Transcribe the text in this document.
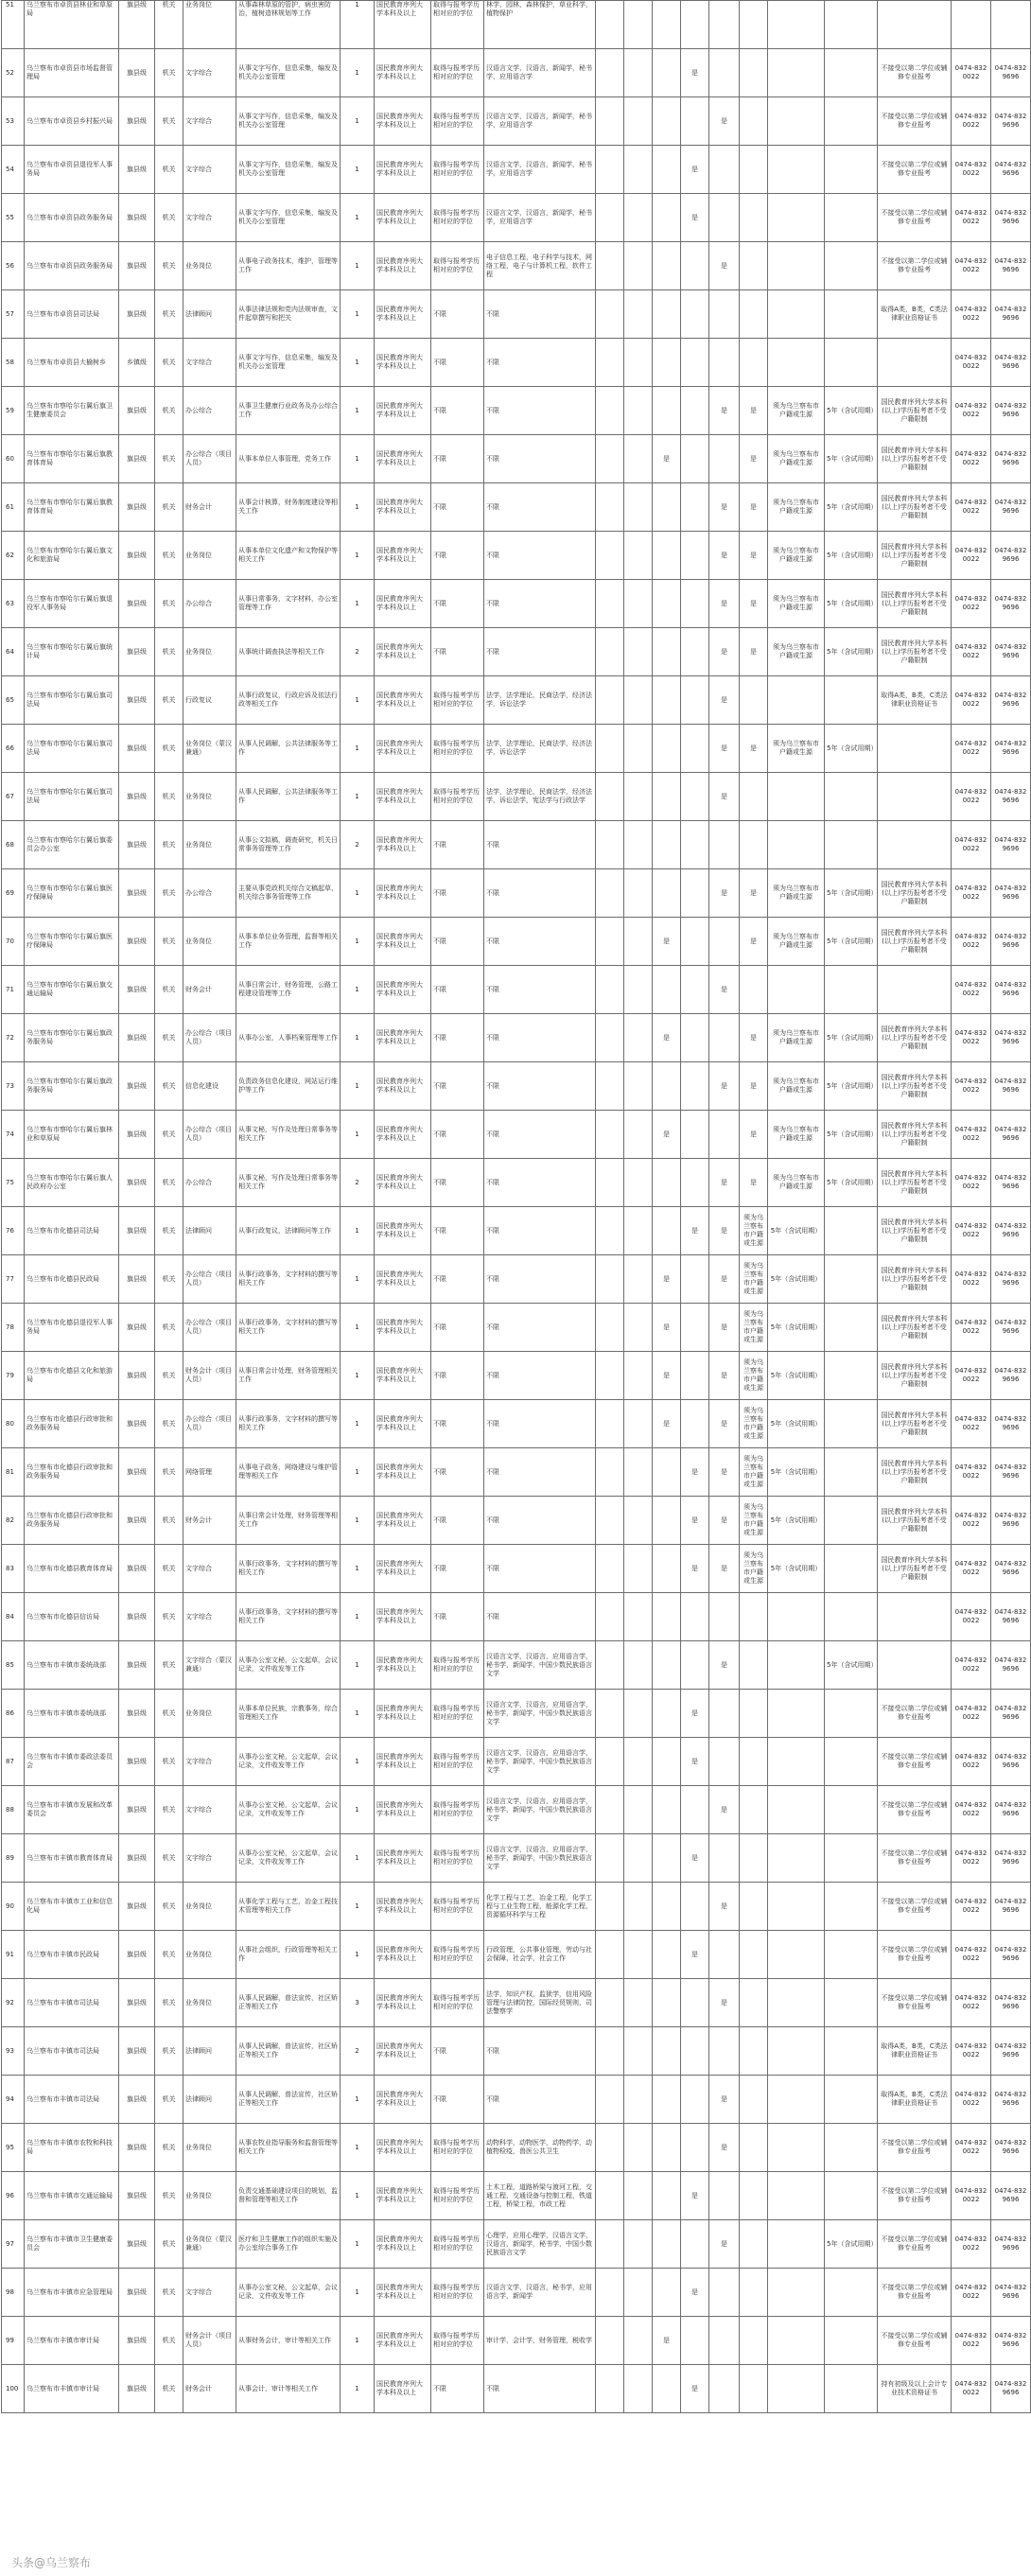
51	乌兰察布市卓资县林业和草原局	旗县级	机关	业务岗位	从事森林草原的管护，病虫害防治，植树造林规划等工作	1	国民教育序列大学本科及以上	取得与报考学历相对应的学位	林学，园林，森林保护，草业科学，植物保护											
52	乌兰察布市卓资县市场监督管理局	旗县级	机关	文字综合	从事文字写作，信息采集，编发及机关办公室管理	1	国民教育序列大学本科及以上	取得与报考学历相对应的学位	汉语言文学，汉语言，新闻学，秘书学，应用语言学				是					不接受以第二学位或辅修专业报考	0474-8320022	0474-8329696
53	乌兰察布市卓资县乡村振兴局	旗县级	机关	文字综合	从事文字写作，信息采集，编发及机关办公室管理	1	国民教育序列大学本科及以上	取得与报考学历相对应的学位	汉语言文学，汉语言，新闻学，秘书学，应用语言学					是				不接受以第二学位或辅修专业报考	0474-8320022	0474-8329696
54	乌兰察布市卓资县退役军人事务局	旗县级	机关	文字综合	从事文字写作，信息采集，编发及机关办公室管理	1	国民教育序列大学本科及以上	取得与报考学历相对应的学位	汉语言文学，汉语言，新闻学，秘书学，应用语言学				是					不接受以第二学位或辅修专业报考	0474-8320022	0474-8329696
55	乌兰察布市卓资县政务服务局	旗县级	机关	文字综合	从事文字写作，信息采集，编发及机关办公室管理	1	国民教育序列大学本科及以上	取得与报考学历相对应的学位	汉语言文学，汉语言，新闻学，秘书学，应用语言学				是					不接受以第二学位或辅修专业报考	0474-8320022	0474-8329696
56	乌兰察布市卓资县政务服务局	旗县级	机关	业务岗位	从事电子政务技术，维护，管理等工作	1	国民教育序列大学本科及以上	取得与报考学历相对应的学位	电子信息工程，电子科学与技术，网络工程，电子与计算机工程，软件工程					是				不接受以第二学位或辅修专业报考	0474-8320022	0474-8329696
57	乌兰察布市卓资县司法局	旗县级	机关	法律顾问	从事法律法规和党内法规审查，文件起草撰写和把关	1	国民教育序列大学本科及以上	不限	不限									取得A类，B类，C类法律职业资格证书	0474-8320022	0474-8329696
58	乌兰察布市卓资县大榆树乡	乡镇级	机关	文字综合	从事文字写作，信息采集，编发及机关办公室管理	1	国民教育序列大学本科及以上	不限	不限										0474-8320022	0474-8329696
59	乌兰察布市察哈尔右翼后旗卫生健康委员会	旗县级	机关	办公综合	从事卫生健康行业政务及办公综合工作	1	国民教育序列大学本科及以上	不限	不限					是	是	须为乌兰察布市户籍或生源	5年（含试用期）	国民教育序列大学本科(以上)学历报考者不受户籍限制	0474-8320022	0474-8329696
60	乌兰察布市察哈尔右翼后旗教育体育局	旗县级	机关	办公综合（项目人员）	从事本单位人事管理，党务工作	1	国民教育序列大学本科及以上	不限	不限			是			是	须为乌兰察布市户籍或生源	5年（含试用期）	国民教育序列大学本科(以上)学历报考者不受户籍限制	0474-8320022	0474-8329696
61	乌兰察布市察哈尔右翼后旗教育体育局	旗县级	机关	财务会计	从事会计核算，财务制度建设等相关工作	1	国民教育序列大学本科及以上	不限	不限					是	是	须为乌兰察布市户籍或生源	5年（含试用期）	国民教育序列大学本科(以上)学历报考者不受户籍限制	0474-8320022	0474-8329696
62	乌兰察布市察哈尔右翼后旗文化和旅游局	旗县级	机关	业务岗位	从事本单位文化遗产和文物保护等相关工作	1	国民教育序列大学本科及以上	不限	不限					是	是	须为乌兰察布市户籍或生源	5年（含试用期）	国民教育序列大学本科(以上)学历报考者不受户籍限制	0474-8320022	0474-8329696
63	乌兰察布市察哈尔右翼后旗退役军人事务局	旗县级	机关	办公综合	从事日常事务，文字材料，办公室管理等工作	1	国民教育序列大学本科及以上	不限	不限					是	是	须为乌兰察布市户籍或生源	5年（含试用期）	国民教育序列大学本科(以上)学历报考者不受户籍限制	0474-8320022	0474-8329696
64	乌兰察布市察哈尔右翼后旗统计局	旗县级	机关	业务岗位	从事统计调查执法等相关工作	2	国民教育序列大学本科及以上	不限	不限					是	是	须为乌兰察布市户籍或生源	5年（含试用期）	国民教育序列大学本科(以上)学历报考者不受户籍限制	0474-8320022	0474-8329696
65	乌兰察布市察哈尔右翼后旗司法局	旗县级	机关	行政复议	从事行政复议，行政应诉及依法行政等相关工作	1	国民教育序列大学本科及以上	取得与报考学历相对应的学位	法学，法学理论，民商法学，经济法学，诉讼法学					是				取得A类，B类，C类法律职业资格证书	0474-8320022	0474-8329696
66	乌兰察布市察哈尔右翼后旗司法局	旗县级	机关	业务岗位（蒙汉兼通）	从事人民调解，公共法律服务等工作	1	国民教育序列大学本科及以上	取得与报考学历相对应的学位	法学，法学理论，民商法学，经济法学，诉讼法学					是	是	须为乌兰察布市户籍或生源	5年（含试用期）		0474-8320022	0474-8329696
67	乌兰察布市察哈尔右翼后旗司法局	旗县级	机关	业务岗位	从事人民调解，公共法律服务等工作	1	国民教育序列大学本科及以上	取得与报考学历相对应的学位	法学，法学理论，民商法学，经济法学，诉讼法学，宪法学与行政法学					是					0474-8320022	0474-8329696
68	乌兰察布市察哈尔右翼后旗委员会办公室	旗县级	机关	业务岗位	从事公文拟稿，调查研究，机关日常事务管理等工作	2	国民教育序列大学本科及以上	不限	不限										0474-8320022	0474-8329696
69	乌兰察布市察哈尔右翼后旗医疗保障局	旗县级	机关	办公综合	主要从事党政机关综合文稿起草，机关综合事务管理等工作	1	国民教育序列大学本科及以上	不限	不限					是	是	须为乌兰察布市户籍或生源	5年（含试用期）	国民教育序列大学本科(以上)学历报考者不受户籍限制	0474-8320022	0474-8329696
70	乌兰察布市察哈尔右翼后旗医疗保障局	旗县级	机关	业务岗位	从事本单位业务管理，监督等相关工作	1	国民教育序列大学本科及以上	不限	不限			是			是	须为乌兰察布市户籍或生源	5年（含试用期）	国民教育序列大学本科(以上)学历报考者不受户籍限制	0474-8320022	0474-8329696
71	乌兰察布市察哈尔右翼后旗交通运输局	旗县级	机关	财务会计	从事日常会计，财务管理，公路工程建设管理等工作	1	国民教育序列大学本科及以上	不限	不限					是					0474-8320022	0474-8329696
72	乌兰察布市察哈尔右翼后旗政务服务局	旗县级	机关	办公综合（项目人员）	从事办公室，人事档案管理等工作	1	国民教育序列大学本科及以上	不限	不限			是			是	须为乌兰察布市户籍或生源	5年（含试用期）	国民教育序列大学本科(以上)学历报考者不受户籍限制	0474-8320022	0474-8329696
73	乌兰察布市察哈尔右翼后旗政务服务局	旗县级	机关	信息化建设	负责政务信息化建设，网站运行维护等工作	1	国民教育序列大学本科及以上	不限	不限					是	是	须为乌兰察布市户籍或生源	5年（含试用期）	国民教育序列大学本科(以上)学历报考者不受户籍限制	0474-8320022	0474-8329696
74	乌兰察布市察哈尔右翼后旗林业和草原局	旗县级	机关	办公综合（项目人员）	从事文秘，写作及处理日常事务等相关工作	1	国民教育序列大学本科及以上	不限	不限			是			是	须为乌兰察布市户籍或生源	5年（含试用期）	国民教育序列大学本科(以上)学历报考者不受户籍限制	0474-8320022	0474-8329696
75	乌兰察布市察哈尔右翼后旗人民政府办公室	旗县级	机关	办公综合	从事文秘，写作及处理日常事务等相关工作	2	国民教育序列大学本科及以上	不限	不限					是	是	须为乌兰察布市户籍或生源	5年（含试用期）	国民教育序列大学本科(以上)学历报考者不受户籍限制	0474-8320022	0474-8329696
76	乌兰察布市化德县司法局	旗县级	机关	法律顾问	从事行政复议，法律顾问等工作	1	国民教育序列大学本科及以上	不限	不限				是	是	须为乌兰察布市户籍或生源	5年（含试用期）		国民教育序列大学本科(以上)学历报考者不受户籍限制	0474-8320022	0474-8329696
77	乌兰察布市化德县民政局	旗县级	机关	办公综合（项目人员）	从事行政事务，文字材料的撰写等相关工作	1	国民教育序列大学本科及以上	不限	不限			是		是	须为乌兰察布市户籍或生源	5年（含试用期）		国民教育序列大学本科(以上)学历报考者不受户籍限制	0474-8320022	0474-8329696
78	乌兰察布市化德县退役军人事务局	旗县级	机关	办公综合（项目人员）	从事行政事务，文字材料的撰写等相关工作	1	国民教育序列大学本科及以上	不限	不限			是		是	须为乌兰察布市户籍或生源	5年（含试用期）		国民教育序列大学本科(以上)学历报考者不受户籍限制	0474-8320022	0474-8329696
79	乌兰察布市化德县文化和旅游局	旗县级	机关	财务会计（项目人员）	从事日常会计处理，财务管理相关工作	1	国民教育序列大学本科及以上	不限	不限			是		是	须为乌兰察布市户籍或生源	5年（含试用期）		国民教育序列大学本科(以上)学历报考者不受户籍限制	0474-8320022	0474-8329696
80	乌兰察布市化德县行政审批和政务服务局	旗县级	机关	办公综合（项目人员）	从事行政事务，文字材料的撰写等相关工作	1	国民教育序列大学本科及以上	不限	不限			是		是	须为乌兰察布市户籍或生源	5年（含试用期）		国民教育序列大学本科(以上)学历报考者不受户籍限制	0474-8320022	0474-8329696
81	乌兰察布市化德县行政审批和政务服务局	旗县级	机关	网络管理	从事电子政务，网络建设与维护管理等相关工作	1	国民教育序列大学本科及以上	不限	不限				是	是	须为乌兰察布市户籍或生源	5年（含试用期）		国民教育序列大学本科(以上)学历报考者不受户籍限制	0474-8320022	0474-8329696
82	乌兰察布市化德县行政审批和政务服务局	旗县级	机关	财务会计	从事日常会计处理，财务管理等相关工作	1	国民教育序列大学本科及以上	不限	不限				是	是	须为乌兰察布市户籍或生源	5年（含试用期）		国民教育序列大学本科(以上)学历报考者不受户籍限制	0474-8320022	0474-8329696
83	乌兰察布市化德县教育体育局	旗县级	机关	文字综合	从事行政事务，文字材料的撰写等相关工作	1	国民教育序列大学本科及以上	不限	不限				是	是	须为乌兰察布市户籍或生源	5年（含试用期）		国民教育序列大学本科(以上)学历报考者不受户籍限制	0474-8320022	0474-8329696
84	乌兰察布市化德县信访局	旗县级	机关	文字综合	从事行政事务，文字材料的撰写等相关工作	1	国民教育序列大学本科及以上	不限	不限										0474-8320022	0474-8329696
85	乌兰察布市丰镇市委统战部	旗县级	机关	文字综合（蒙汉兼通）	从事办公室文秘，公文起草，会议记录，文件收发等工作	1	国民教育序列大学本科及以上	取得与报考学历相对应的学位	汉语言文学，汉语言，应用语言学，秘书学，新闻学，中国少数民族语言文学					是			5年（含试用期）		0474-8320022	0474-8329696
86	乌兰察布市丰镇市委统战部	旗县级	机关	业务岗位	从事本单位民族，宗教事务，综合管理相关工作	1	国民教育序列大学本科及以上	取得与报考学历相对应的学位	汉语言文学，汉语言，应用语言学，秘书学，新闻学，中国少数民族语言文学				是					不接受以第二学位或辅修专业报考	0474-8320022	0474-8329696
87	乌兰察布市丰镇市委政法委员会	旗县级	机关	文字综合	从事办公室文秘，公文起草，会议记录，文件收发等工作	1	国民教育序列大学本科及以上	取得与报考学历相对应的学位	汉语言文学，汉语言，应用语言学，秘书学，新闻学，中国少数民族语言文学				是					不接受以第二学位或辅修专业报考	0474-8320022	0474-8329696
88	乌兰察布市丰镇市发展和改革委员会	旗县级	机关	文字综合	从事办公室文秘，公文起草，会议记录，文件收发等工作	1	国民教育序列大学本科及以上	取得与报考学历相对应的学位	汉语言文学，汉语言，应用语言学，秘书学，新闻学，中国少数民族语言文学					是				不接受以第二学位或辅修专业报考	0474-8320022	0474-8329696
89	乌兰察布市丰镇市教育体育局	旗县级	机关	文字综合	从事办公室文秘，公文起草，会议记录，文件收发等工作	1	国民教育序列大学本科及以上	取得与报考学历相对应的学位	汉语言文学，汉语言，应用语言学，秘书学，新闻学，中国少数民族语言文学				是					不接受以第二学位或辅修专业报考	0474-8320022	0474-8329696
90	乌兰察布市丰镇市工业和信息化局	旗县级	机关	业务岗位	从事化学工程与工艺，冶金工程技术管理等相关工作	1	国民教育序列大学本科及以上	取得与报考学历相对应的学位	化学工程与工艺，冶金工程，化学工程与工业生物工程，能源化学工程，资源循环科学与工程					是				不接受以第二学位或辅修专业报考	0474-8320022	0474-8329696
91	乌兰察布市丰镇市民政局	旗县级	机关	业务岗位	从事社会组织，行政管理等相关工作	1	国民教育序列大学本科及以上	取得与报考学历相对应的学位	行政管理，公共事业管理，劳动与社会保障，社会学，社会工作				是					不接受以第二学位或辅修专业报考	0474-8320022	0474-8329696
92	乌兰察布市丰镇市司法局	旗县级	机关	业务岗位	从事人民调解，普法宣传，社区矫正等相关工作	3	国民教育序列大学本科及以上	取得与报考学历相对应的学位	法学，知识产权，监狱学，信用风险管理与法律防控，国际经贸规则，司法警察学					是				不接受以第二学位或辅修专业报考	0474-8320022	0474-8329696
93	乌兰察布市丰镇市司法局	旗县级	机关	法律顾问	从事人民调解，普法宣传，社区矫正等相关工作	2	国民教育序列大学本科及以上	不限	不限									取得A类，B类，C类法律职业资格证书	0474-8320022	0474-8329696
94	乌兰察布市丰镇市司法局	旗县级	机关	法律顾问	从事人民调解，普法宣传，社区矫正等相关工作	1	国民教育序列大学本科及以上	不限	不限					是				取得A类，B类，C类法律职业资格证书	0474-8320022	0474-8329696
95	乌兰察布市丰镇市农牧和科技局	旗县级	机关	业务岗位	从事农牧业指导服务和监督管理等相关工作	1	国民教育序列大学本科及以上	取得与报考学历相对应的学位	动物科学，动物医学，动物药学，动植物检疫，兽医公共卫生					是				不接受以第二学位或辅修专业报考	0474-8320022	0474-8329696
96	乌兰察布市丰镇市交通运输局	旗县级	机关	业务岗位	负责交通基础建设项目的规划，监督和管理等相关工作	1	国民教育序列大学本科及以上	取得与报考学历相对应的学位	土木工程，道路桥梁与渡河工程，交通工程，交通设备与控制工程，铁道工程，桥梁工程，市政工程				是					不接受以第二学位或辅修专业报考	0474-8320022	0474-8329696
97	乌兰察布市丰镇市卫生健康委员会	旗县级	机关	业务岗位（蒙汉兼通）	医疗和卫生健康工作的组织实施及办公室综合事务工作	1	国民教育序列大学本科及以上	取得与报考学历相对应的学位	心理学，应用心理学，汉语言文学，汉语言，新闻学，秘书学，中国少数民族语言文学					是			5年（含试用期）	不接受以第二学位或辅修专业报考	0474-8320022	0474-8329696
98	乌兰察布市丰镇市应急管理局	旗县级	机关	文字综合	从事办公室文秘，公文起草，会议记录，文件收发等工作	1	国民教育序列大学本科及以上	取得与报考学历相对应的学位	汉语言文学，汉语言，秘书学，应用语言学，新闻学				是					不接受以第二学位或辅修专业报考	0474-8320022	0474-8329696
99	乌兰察布市丰镇市审计局	旗县级	机关	财务会计（项目人员）	从事财务会计，审计等相关工作	1	国民教育序列大学本科及以上	取得与报考学历相对应的学位	审计学，会计学，财务管理，税收学			是						不接受以第二学位或辅修专业报考	0474-8320022	0474-8329696
100	乌兰察布市丰镇市审计局	旗县级	机关	财务会计	从事会计，审计等相关工作	1	国民教育序列大学本科及以上	不限	不限				是					持有初级及以上会计专业技术资格证书	0474-8320022	0474-8329696
头条@乌兰察布
